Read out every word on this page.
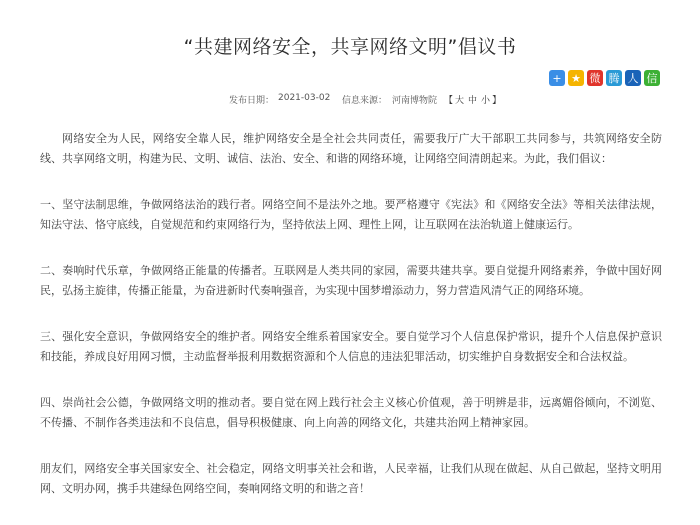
“共建网络安全，共享网络文明”倡议书
+ ★ 微 腾 人 信
发布日期： 2021-03-02 信息来源： 河南博物院 【 大 中 小 】

网络安全为人民，网络安全靠人民，维护网络安全是全社会共同责任，需要我厅广大干部职工共同参与，共筑网络安全防线、共享网络文明，构建为民、文明、诚信、法治、安全、和谐的网络环境，让网络空间清朗起来。为此，我们倡议：

一、坚守法制思维，争做网络法治的践行者。网络空间不是法外之地。要严格遵守《宪法》和《网络安全法》等相关法律法规，知法守法、恪守底线，自觉规范和约束网络行为，坚持依法上网、理性上网，让互联网在法治轨道上健康运行。

二、奏响时代乐章，争做网络正能量的传播者。互联网是人类共同的家园，需要共建共享。要自觉提升网络素养，争做中国好网民，弘扬主旋律，传播正能量，为奋进新时代奏响强音，为实现中国梦增添动力，努力营造风清气正的网络环境。

三、强化安全意识，争做网络安全的维护者。网络安全维系着国家安全。要自觉学习个人信息保护常识，提升个人信息保护意识和技能，养成良好用网习惯，主动监督举报利用数据资源和个人信息的违法犯罪活动，切实维护自身数据安全和合法权益。

四、崇尚社会公德，争做网络文明的推动者。要自觉在网上践行社会主义核心价值观，善于明辨是非，远离媚俗倾向，不浏览、不传播、不制作各类违法和不良信息，倡导积极健康、向上向善的网络文化，共建共治网上精神家园。

朋友们，网络安全事关国家安全、社会稳定，网络文明事关社会和谐，人民幸福，让我们从现在做起、从自己做起，坚持文明用网、文明办网，携手共建绿色网络空间，奏响网络文明的和谐之音！
